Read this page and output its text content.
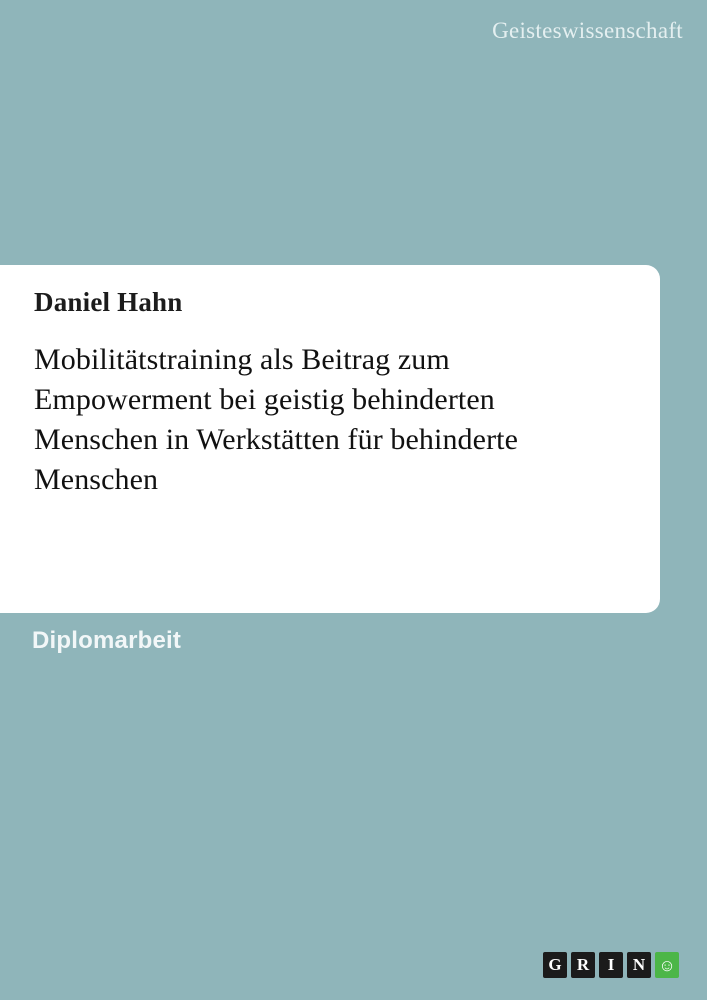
Geisteswissenschaft
Daniel Hahn
Mobilitätstraining als Beitrag zum Empowerment bei geistig behinderten Menschen in Werkstätten für behinderte Menschen
Diplomarbeit
G R	I	N ☺
